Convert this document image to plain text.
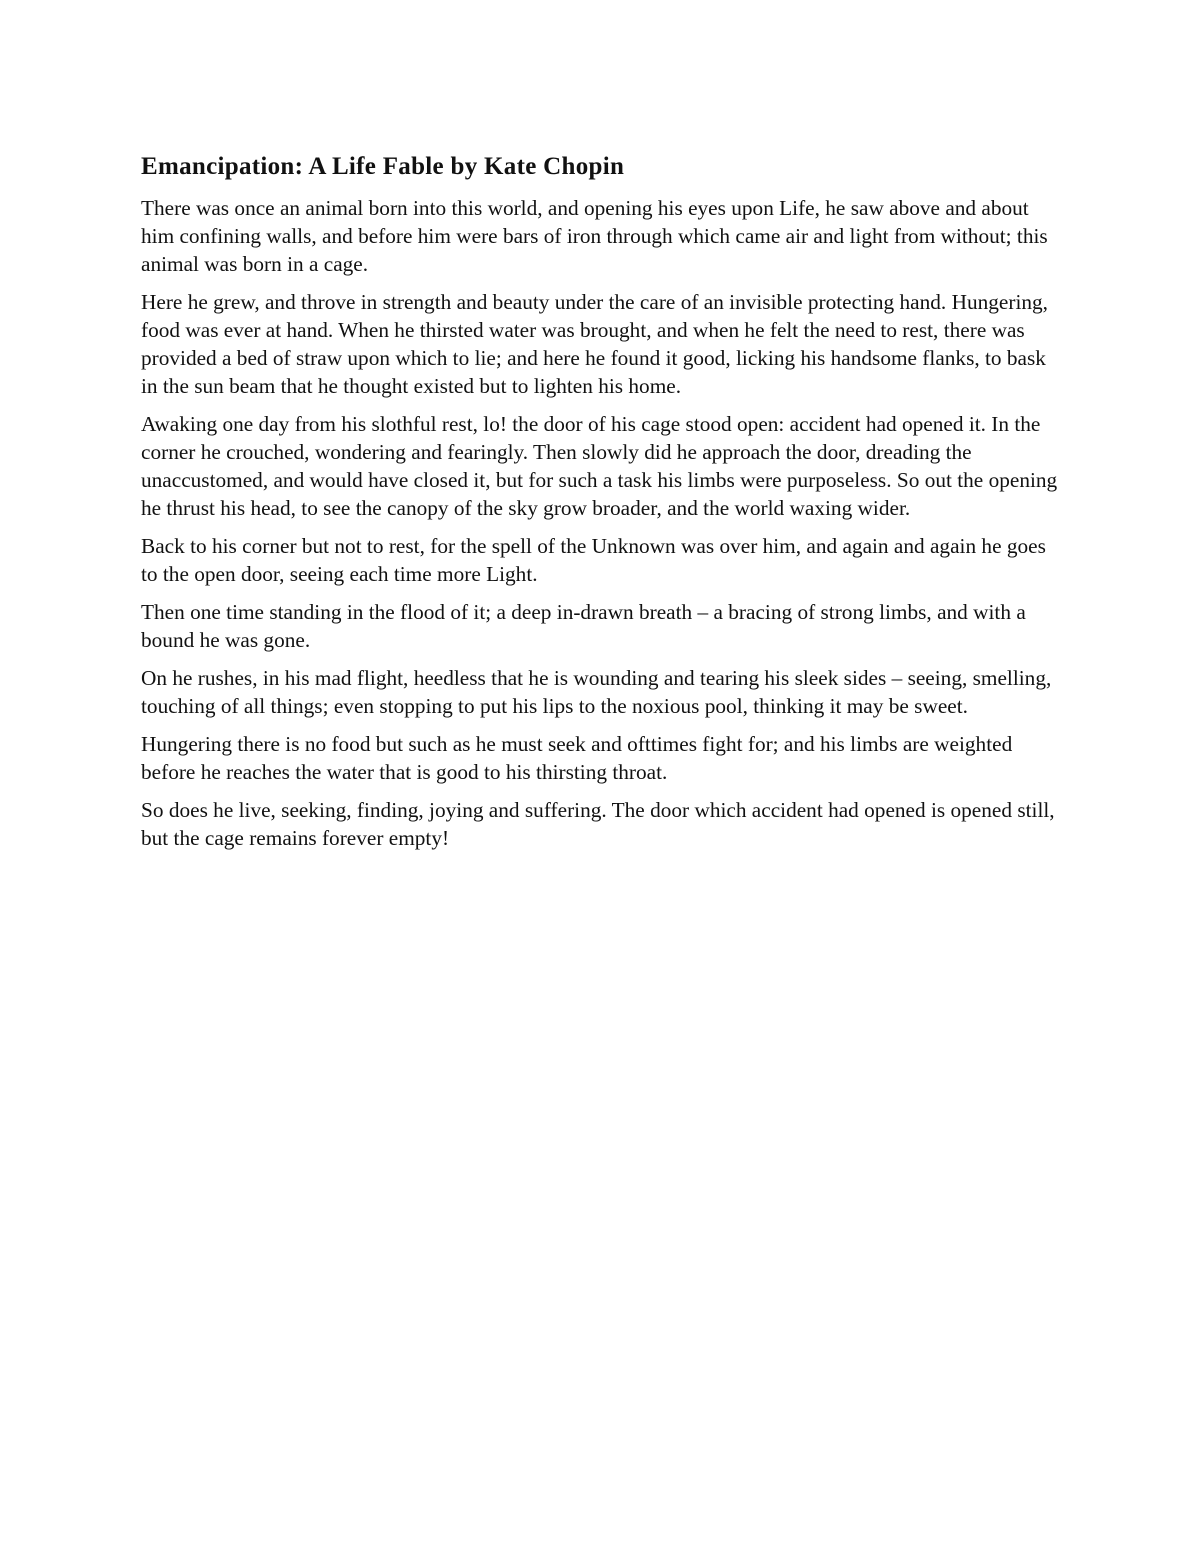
Emancipation: A Life Fable by Kate Chopin

There was once an animal born into this world, and opening his eyes upon Life, he saw above and about him confining walls, and before him were bars of iron through which came air and light from without; this animal was born in a cage.

Here he grew, and throve in strength and beauty under the care of an invisible protecting hand. Hungering, food was ever at hand. When he thirsted water was brought, and when he felt the need to rest, there was provided a bed of straw upon which to lie; and here he found it good, licking his handsome flanks, to bask in the sun beam that he thought existed but to lighten his home.

Awaking one day from his slothful rest, lo! the door of his cage stood open: accident had opened it. In the corner he crouched, wondering and fearingly. Then slowly did he approach the door, dreading the unaccustomed, and would have closed it, but for such a task his limbs were purposeless. So out the opening he thrust his head, to see the canopy of the sky grow broader, and the world waxing wider.

Back to his corner but not to rest, for the spell of the Unknown was over him, and again and again he goes to the open door, seeing each time more Light.

Then one time standing in the flood of it; a deep in-drawn breath – a bracing of strong limbs, and with a bound he was gone.

On he rushes, in his mad flight, heedless that he is wounding and tearing his sleek sides – seeing, smelling, touching of all things; even stopping to put his lips to the noxious pool, thinking it may be sweet.

Hungering there is no food but such as he must seek and ofttimes fight for; and his limbs are weighted before he reaches the water that is good to his thirsting throat.

So does he live, seeking, finding, joying and suffering. The door which accident had opened is opened still, but the cage remains forever empty!
